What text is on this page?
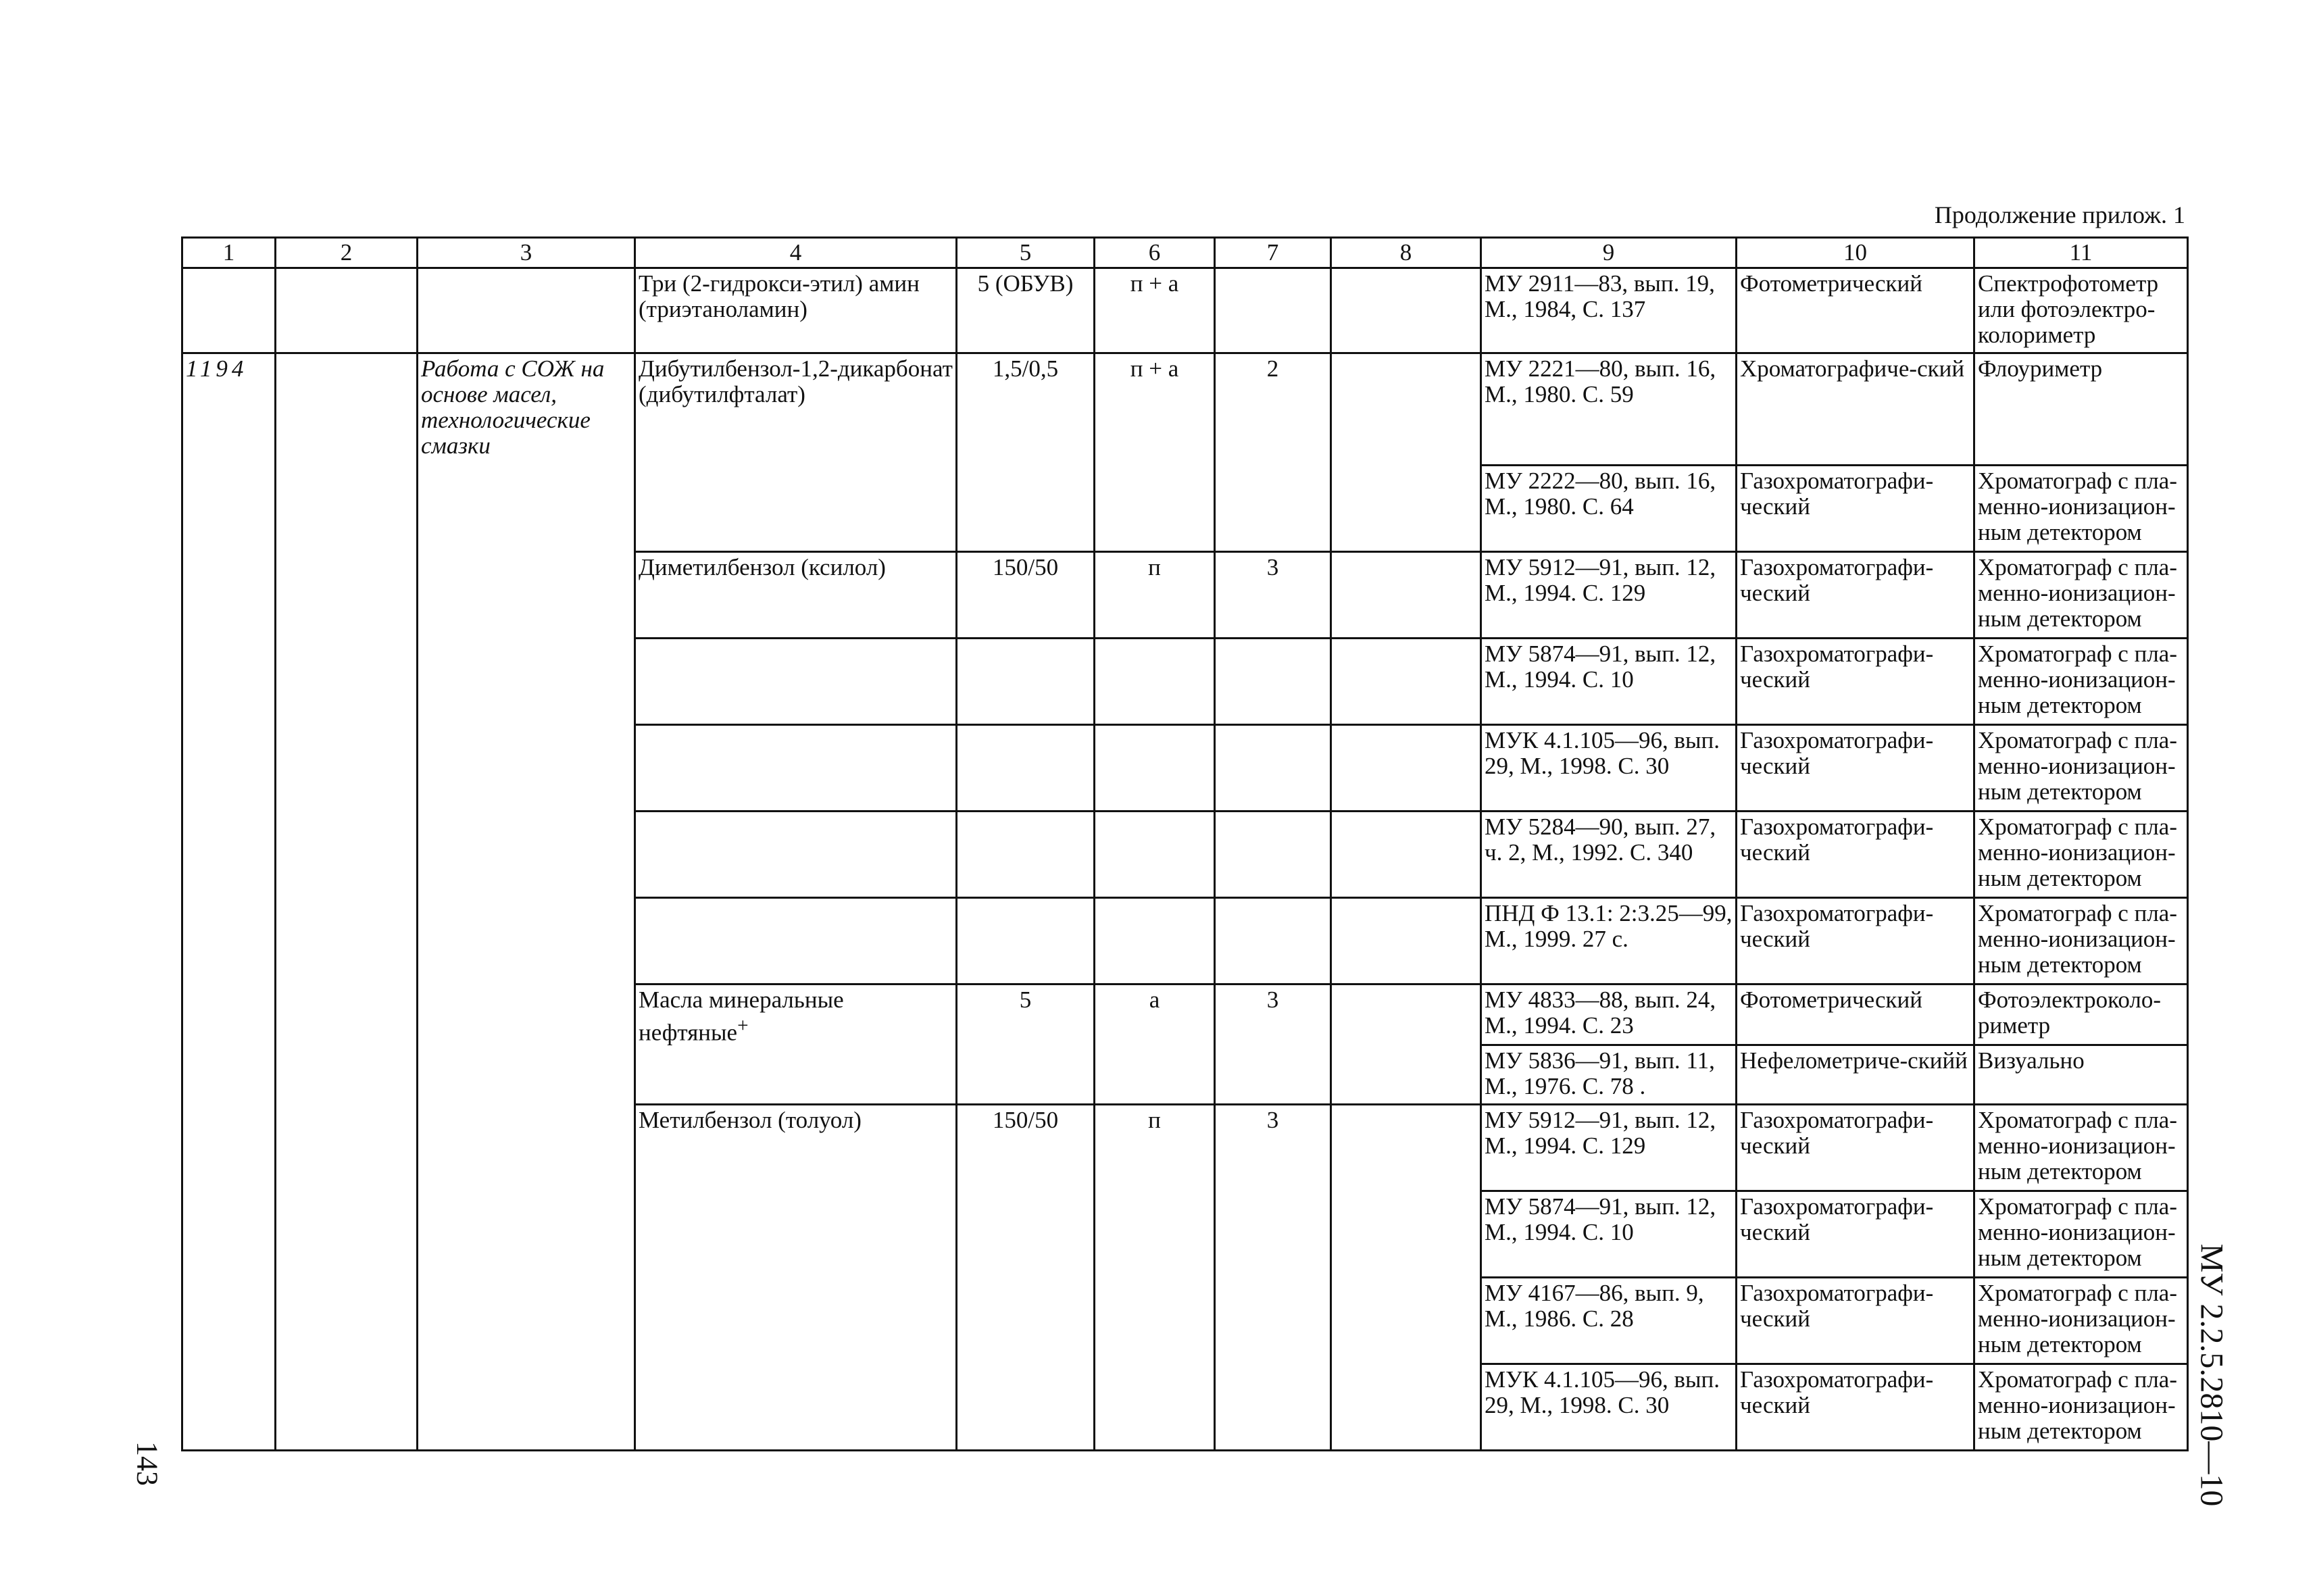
Продолжение прилож. 1
1	2	3	4	5	6	7	8	9	10	11
			Три (2-гидрокси-этил) амин (триэтаноламин)	5 (ОБУВ)	п + а			МУ 2911—83, вып. 19, М., 1984, С. 137	Фотометрический	Спектрофотометр или фотоэлектро-колориметр
1194		Работа с СОЖ на основе масел, технологические смазки	Дибутилбензол-1,2-дикарбонат (дибутилфталат)	1,5/0,5	п + а	2		МУ 2221—80, вып. 16, М., 1980. С. 59	Хроматографиче-ский	Флоуриметр
								МУ 2222—80, вып. 16, М., 1980. С. 64	Газохроматографи-ческий	Хроматограф с пла-менно-ионизацион-ным детектором
			Диметилбензол (ксилол)	150/50	п	3		МУ 5912—91, вып. 12, М., 1994. С. 129	Газохроматографи-ческий	Хроматограф с пла-менно-ионизацион-ным детектором
								МУ 5874—91, вып. 12, М., 1994. С. 10	Газохроматографи-ческий	Хроматограф с пла-менно-ионизацион-ным детектором
								МУК 4.1.105—96, вып. 29, М., 1998. С. 30	Газохроматографи-ческий	Хроматограф с пла-менно-ионизацион-ным детектором
								МУ 5284—90, вып. 27, ч. 2, М., 1992. С. 340	Газохроматографи-ческий	Хроматограф с пла-менно-ионизацион-ным детектором
								ПНД Ф 13.1: 2:3.25—99, М., 1999. 27 с.	Газохроматографи-ческий	Хроматограф с пла-менно-ионизацион-ным детектором
			Масла минеральные нефтяные+	5	а	3		МУ 4833—88, вып. 24, М., 1994. С. 23	Фотометрический	Фотоэлектроколо-риметр
								МУ 5836—91, вып. 11, М., 1976. С. 78 .	Нефелометриче-скийй	Визуально
			Метилбензол (толуол)	150/50	п	3		МУ 5912—91, вып. 12, М., 1994. С. 129	Газохроматографи-ческий	Хроматограф с пла-менно-ионизацион-ным детектором
								МУ 5874—91, вып. 12, М., 1994. С. 10	Газохроматографи-ческий	Хроматограф с пла-менно-ионизацион-ным детектором
								МУ 4167—86, вып. 9, М., 1986. С. 28	Газохроматографи-ческий	Хроматограф с пла-менно-ионизацион-ным детектором
								МУК 4.1.105—96, вып. 29, М., 1998. С. 30	Газохроматографи-ческий	Хроматограф с пла-менно-ионизацион-ным детектором
143	МУ 2.2.5.2810—10
